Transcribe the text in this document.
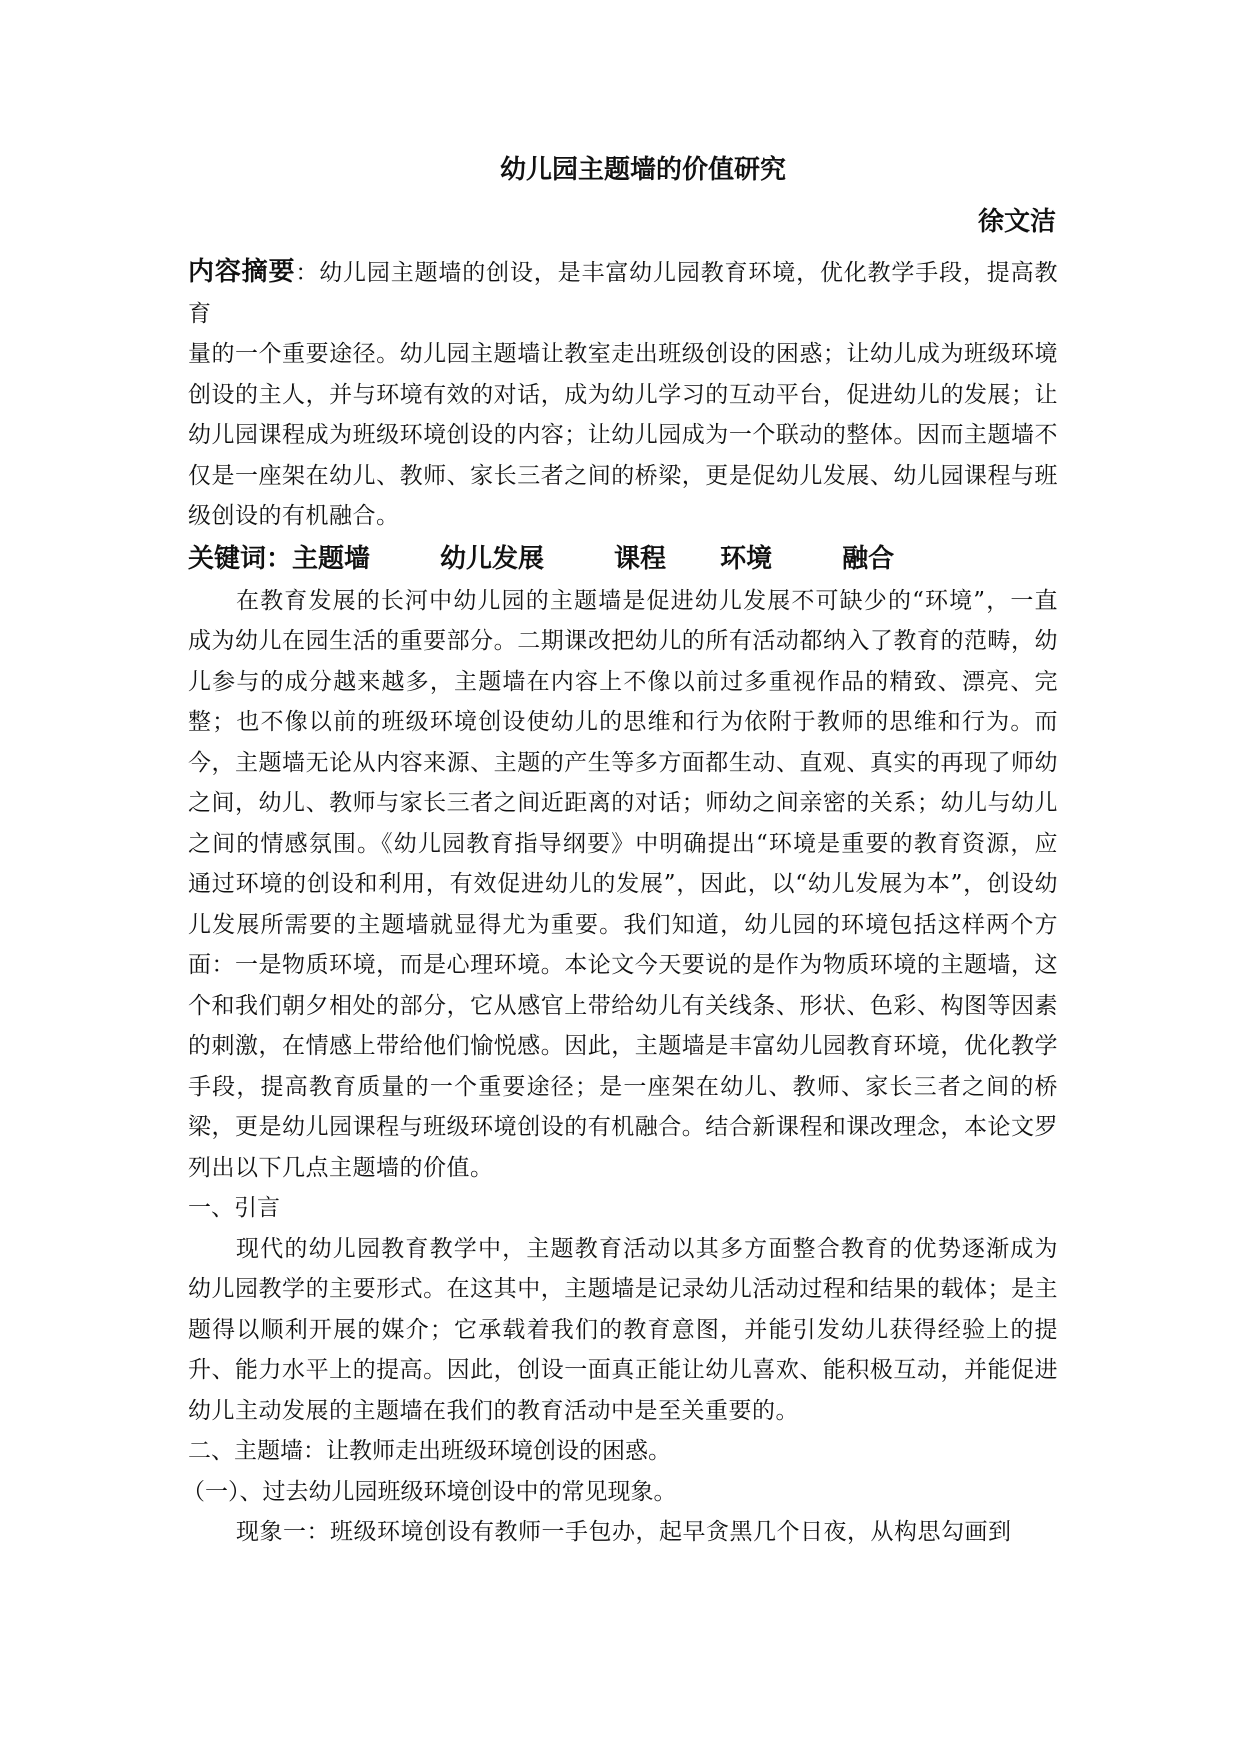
幼儿园主题墙的价值研究
徐文洁

内容摘要：幼儿园主题墙的创设，是丰富幼儿园教育环境，优化教学手段，提高教育

量的一个重要途径。幼儿园主题墙让教室走出班级创设的困惑；让幼儿成为班级环境创设的主人，并与环境有效的对话，成为幼儿学习的互动平台，促进幼儿的发展；让幼儿园课程成为班级环境创设的内容；让幼儿园成为一个联动的整体。因而主题墙不仅是一座架在幼儿、教师、家长三者之间的桥梁，更是促幼儿发展、幼儿园课程与班级创设的有机融合。

关键词：主题墙	幼儿发展	课程 环境	融合

在教育发展的长河中幼儿园的主题墙是促进幼儿发展不可缺少的“环境”，一直成为幼儿在园生活的重要部分。二期课改把幼儿的所有活动都纳入了教育的范畴，幼儿参与的成分越来越多，主题墙在内容上不像以前过多重视作品的精致、漂亮、完整；也不像以前的班级环境创设使幼儿的思维和行为依附于教师的思维和行为。而今，主题墙无论从内容来源、主题的产生等多方面都生动、直观、真实的再现了师幼之间，幼儿、教师与家长三者之间近距离的对话；师幼之间亲密的关系；幼儿与幼儿之间的情感氛围。《幼儿园教育指导纲要》中明确提出“环境是重要的教育资源，应通过环境的创设和利用，有效促进幼儿的发展”，因此，以“幼儿发展为本”，创设幼儿发展所需要的主题墙就显得尤为重要。我们知道，幼儿园的环境包括这样两个方面：一是物质环境，而是心理环境。本论文今天要说的是作为物质环境的主题墙，这个和我们朝夕相处的部分，它从感官上带给幼儿有关线条、形状、色彩、构图等因素的刺激，在情感上带给他们愉悦感。因此，主题墙是丰富幼儿园教育环境，优化教学手段，提高教育质量的一个重要途径；是一座架在幼儿、教师、家长三者之间的桥梁，更是幼儿园课程与班级环境创设的有机融合。结合新课程和课改理念，本论文罗列出以下几点主题墙的价值。

一、引言

现代的幼儿园教育教学中，主题教育活动以其多方面整合教育的优势逐渐成为幼儿园教学的主要形式。在这其中，主题墙是记录幼儿活动过程和结果的载体；是主题得以顺利开展的媒介；它承载着我们的教育意图，并能引发幼儿获得经验上的提升、能力水平上的提高。因此，创设一面真正能让幼儿喜欢、能积极互动，并能促进幼儿主动发展的主题墙在我们的教育活动中是至关重要的。

二、主题墙：让教师走出班级环境创设的困惑。

（一）、过去幼儿园班级环境创设中的常见现象。

现象一：班级环境创设有教师一手包办，起早贪黑几个日夜，从构思勾画到
